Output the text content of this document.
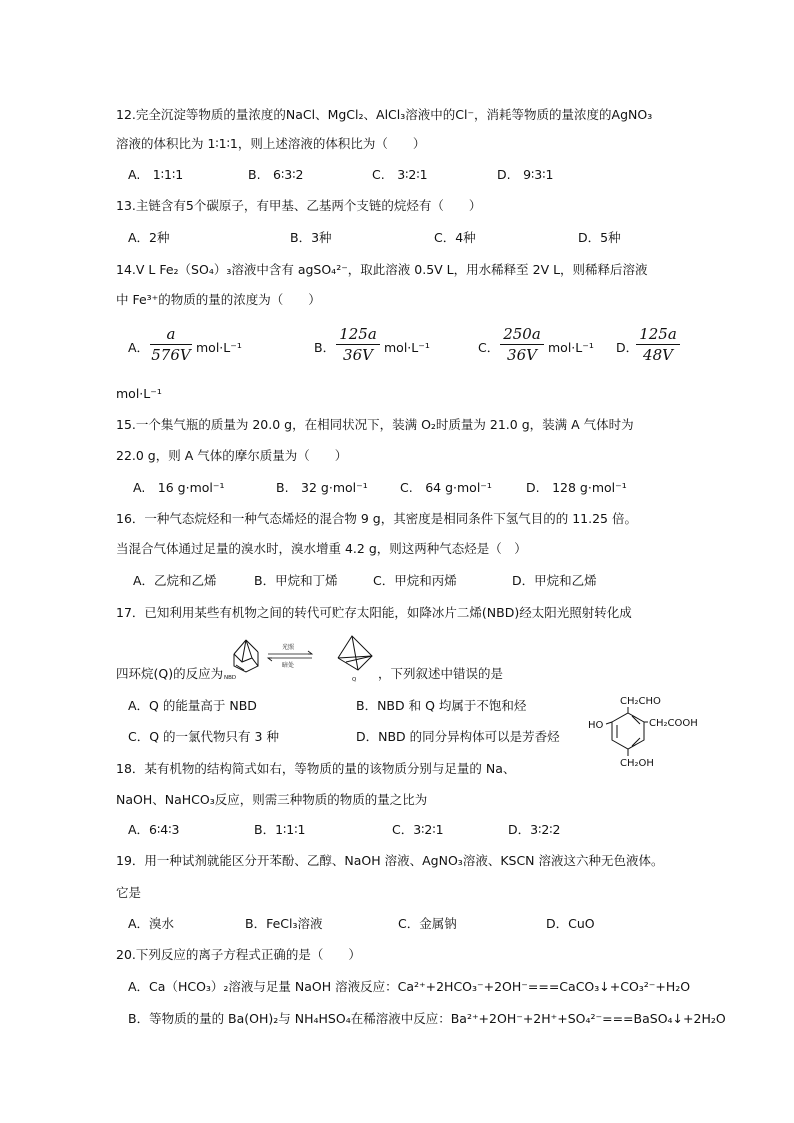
12.完全沉淀等物质的量浓度的NaCl、MgCl₂、AlCl₃溶液中的Cl⁻，消耗等物质的量浓度的AgNO₃
溶液的体积比为 1∶1∶1，则上述溶液的体积比为（　　）
A.　1∶1∶1	B.　6∶3∶2	C.　3∶2∶1	D.　9∶3∶1
13.主链含有5个碳原子，有甲基、乙基两个支链的烷烃有（　　）
A．2种	B．3种	C．4种	D．5种
14.V L Fe₂（SO₄）₃溶液中含有 agSO₄²⁻，取此溶液 0.5V L，用水稀释至 2V L，则稀释后溶液
中 Fe³⁺的物质的量的浓度为（　　）
A． $\frac{a}{576V} mol\cdot L^{-1}$	B． $\frac{125a}{36V} mol\cdot L^{-1}$	C． $\frac{250a}{36V} mol\cdot L^{-1}$ D．
$\frac{125a}{48V}$
mol·L⁻¹
15.一个集气瓶的质量为 20.0 g，在相同状况下，装满 O₂时质量为 21.0 g，装满 A 气体时为
22.0 g，则 A 气体的摩尔质量为（　　）
A.　16 g·mol⁻¹	B.　32 g·mol⁻¹	C.　64 g·mol⁻¹	D.　128 g·mol⁻¹
16．一种气态烷烃和一种气态烯烃的混合物 9 g，其密度是相同条件下氢气目的的 11.25 倍。
当混合气体通过足量的溴水时，溴水增重 4.2 g，则这两种气态烃是（　）
A．乙烷和乙烯	B．甲烷和丁烯	C．甲烷和丙烯	D．甲烷和乙烯
17．已知利用某些有机物之间的转代可贮存太阳能，如降冰片二烯(NBD)经太阳光照射转化成
NBD
光照
暗处
Q
四环烷(Q)的反应为	，下列叙述中错误的是
A．Q 的能量高于 NBD	B．NBD 和 Q 均属于不饱和烃
C．Q 的一氯代物只有 3 种	D．NBD 的同分异构体可以是芳香烃
CH₂CHO
HO	CH₂COOH
CH₂OH
18．某有机物的结构简式如右，等物质的量的该物质分别与足量的 Na、
NaOH、NaHCO₃反应，则需三种物质的物质的量之比为
A．6∶4∶3	B．1∶1∶1	C．3∶2∶1	D．3∶2∶2
19．用一种试剂就能区分开苯酚、乙醇、NaOH 溶液、AgNO₃溶液、KSCN 溶液这六种无色液体。
它是
A．溴水	B．FeCl₃溶液	C．金属钠	D．CuO
20.下列反应的离子方程式正确的是（　　）
A．Ca（HCO₃）₂溶液与足量 NaOH 溶液反应：Ca²⁺+2HCO₃⁻+2OH⁻===CaCO₃↓+CO₃²⁻+H₂O
B．等物质的量的 Ba(OH)₂与 NH₄HSO₄在稀溶液中反应：Ba²⁺+2OH⁻+2H⁺+SO₄²⁻===BaSO₄↓+2H₂O
